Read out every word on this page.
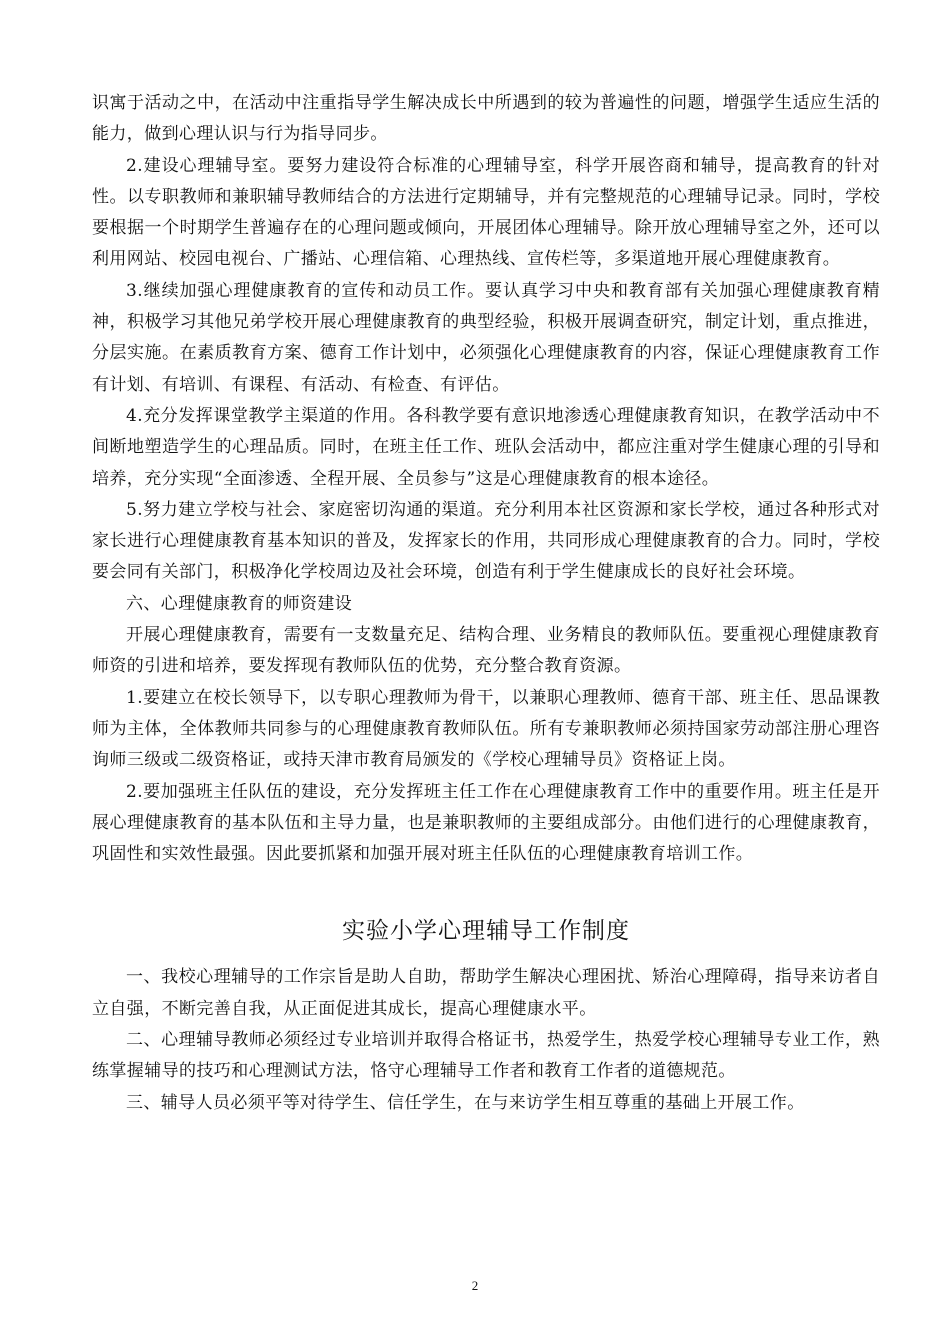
识寓于活动之中，在活动中注重指导学生解决成长中所遇到的较为普遍性的问题，增强学生适应生活的能力，做到心理认识与行为指导同步。

2.建设心理辅导室。要努力建设符合标准的心理辅导室，科学开展咨商和辅导，提高教育的针对性。以专职教师和兼职辅导教师结合的方法进行定期辅导，并有完整规范的心理辅导记录。同时，学校要根据一个时期学生普遍存在的心理问题或倾向，开展团体心理辅导。除开放心理辅导室之外，还可以利用网站、校园电视台、广播站、心理信箱、心理热线、宣传栏等，多渠道地开展心理健康教育。

3.继续加强心理健康教育的宣传和动员工作。要认真学习中央和教育部有关加强心理健康教育精神，积极学习其他兄弟学校开展心理健康教育的典型经验，积极开展调查研究，制定计划，重点推进，分层实施。在素质教育方案、德育工作计划中，必须强化心理健康教育的内容，保证心理健康教育工作有计划、有培训、有课程、有活动、有检查、有评估。

4.充分发挥课堂教学主渠道的作用。各科教学要有意识地渗透心理健康教育知识，在教学活动中不间断地塑造学生的心理品质。同时，在班主任工作、班队会活动中，都应注重对学生健康心理的引导和培养，充分实现“全面渗透、全程开展、全员参与”这是心理健康教育的根本途径。

5.努力建立学校与社会、家庭密切沟通的渠道。充分利用本社区资源和家长学校，通过各种形式对家长进行心理健康教育基本知识的普及，发挥家长的作用，共同形成心理健康教育的合力。同时，学校要会同有关部门，积极净化学校周边及社会环境，创造有利于学生健康成长的良好社会环境。

六、心理健康教育的师资建设

开展心理健康教育，需要有一支数量充足、结构合理、业务精良的教师队伍。要重视心理健康教育师资的引进和培养，要发挥现有教师队伍的优势，充分整合教育资源。

1.要建立在校长领导下，以专职心理教师为骨干，以兼职心理教师、德育干部、班主任、思品课教师为主体，全体教师共同参与的心理健康教育教师队伍。所有专兼职教师必须持国家劳动部注册心理咨询师三级或二级资格证，或持天津市教育局颁发的《学校心理辅导员》资格证上岗。

2.要加强班主任队伍的建设，充分发挥班主任工作在心理健康教育工作中的重要作用。班主任是开展心理健康教育的基本队伍和主导力量，也是兼职教师的主要组成部分。由他们进行的心理健康教育，巩固性和实效性最强。因此要抓紧和加强开展对班主任队伍的心理健康教育培训工作。

实验小学心理辅导工作制度

一、我校心理辅导的工作宗旨是助人自助，帮助学生解决心理困扰、矫治心理障碍，指导来访者自立自强，不断完善自我，从正面促进其成长，提高心理健康水平。

二、心理辅导教师必须经过专业培训并取得合格证书，热爱学生，热爱学校心理辅导专业工作，熟练掌握辅导的技巧和心理测试方法，恪守心理辅导工作者和教育工作者的道德规范。

三、辅导人员必须平等对待学生、信任学生，在与来访学生相互尊重的基础上开展工作。

2
